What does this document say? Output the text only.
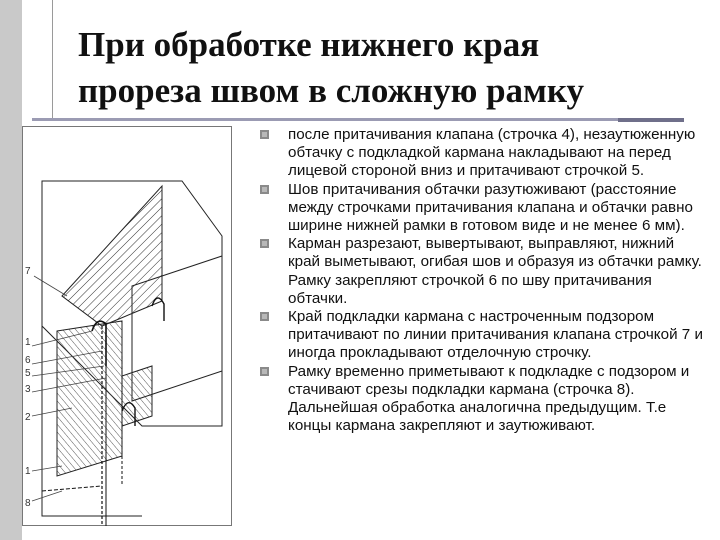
При обработке нижнего края
прореза швом в сложную рамку
7
1
6
5
3
2
1
8
после притачивания клапана (строчка 4), незаутюженную обтачку с подкладкой кармана накладывают на перед лицевой стороной вниз и притачивают строчкой 5.
Шов притачивания обтачки разутюживают (расстояние между строчками притачивания клапана и обтачки равно ширине нижней рамки в готовом виде и не менее 6 мм).
Карман разрезают, вывертывают, выправляют, нижний край выметывают, огибая шов и образуя из обтачки рамку. Рамку закрепляют строчкой 6 по шву притачивания обтачки.
Край подкладки кармана с настроченным подзором притачивают по линии притачивания клапана строчкой 7 и иногда прокладывают отделочную строчку.
Рамку временно приметывают к подкладке с подзором и стачивают срезы подкладки кармана (строчка 8). Дальнейшая обработка аналогична предыдущим. Т.е концы кармана закрепляют и заутюживают.
